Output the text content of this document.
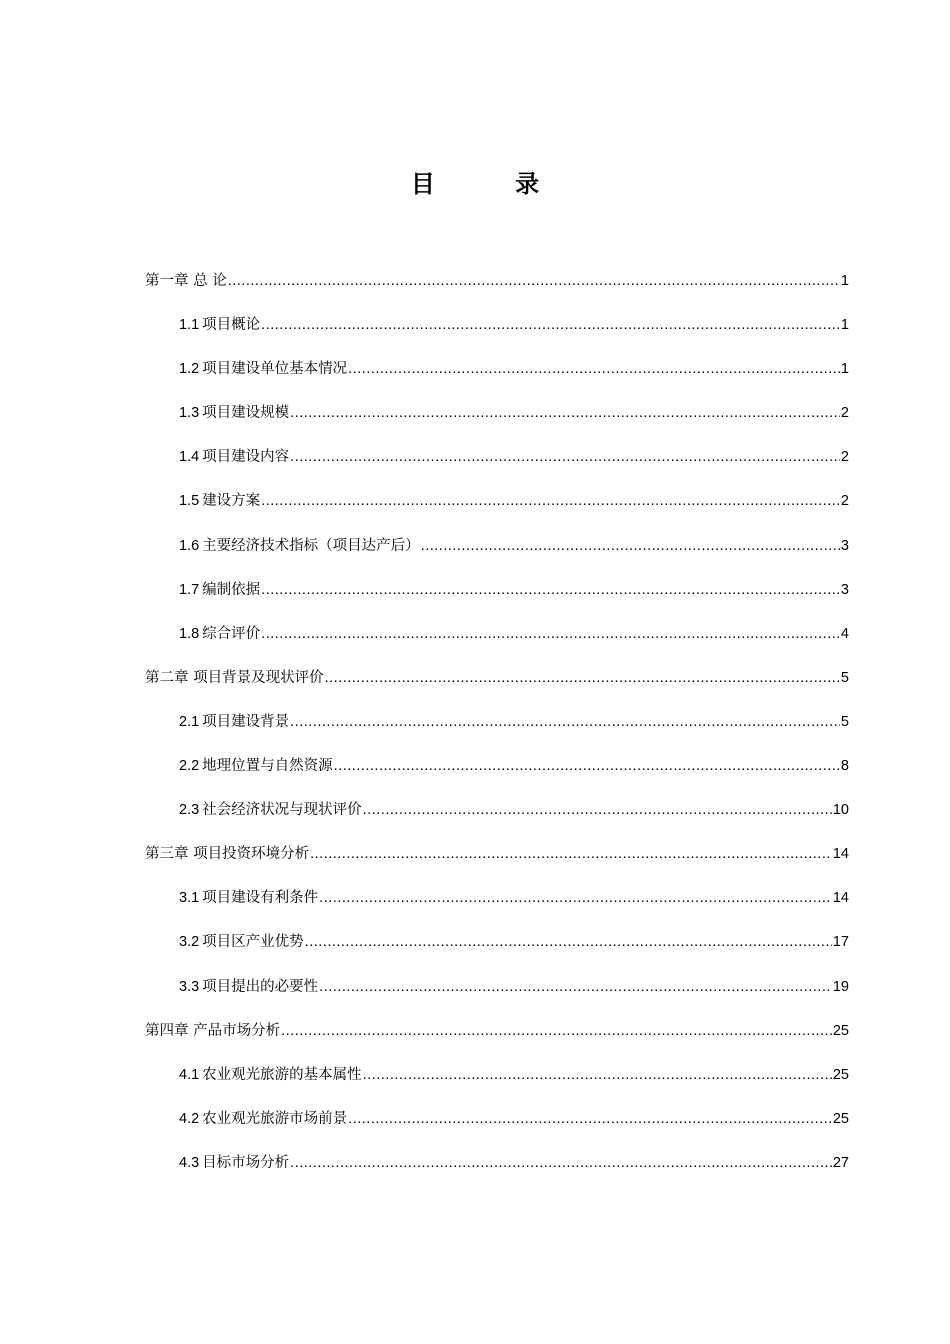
目 录
第一章 总 论 .....	1
1.1 项目概论 .....	1
1.2 项目建设单位基本情况 .....	1
1.3 项目建设规模 .....	2
1.4 项目建设内容 .....	2
1.5 建设方案 .....	2
1.6 主要经济技术指标（项目达产后） .....	3
1.7 编制依据 .....	3
1.8 综合评价 .....	4
第二章 项目背景及现状评价 .....	5
2.1 项目建设背景 .....	5
2.2 地理位置与自然资源 .....	8
2.3 社会经济状况与现状评价 .....	10
第三章 项目投资环境分析 .....	14
3.1 项目建设有利条件 .....	14
3.2 项目区产业优势 .....	17
3.3 项目提出的必要性 .....	19
第四章 产品市场分析 .....	25
4.1 农业观光旅游的基本属性 .....	25
4.2 农业观光旅游市场前景 .....	25
4.3 目标市场分析 .....	27
